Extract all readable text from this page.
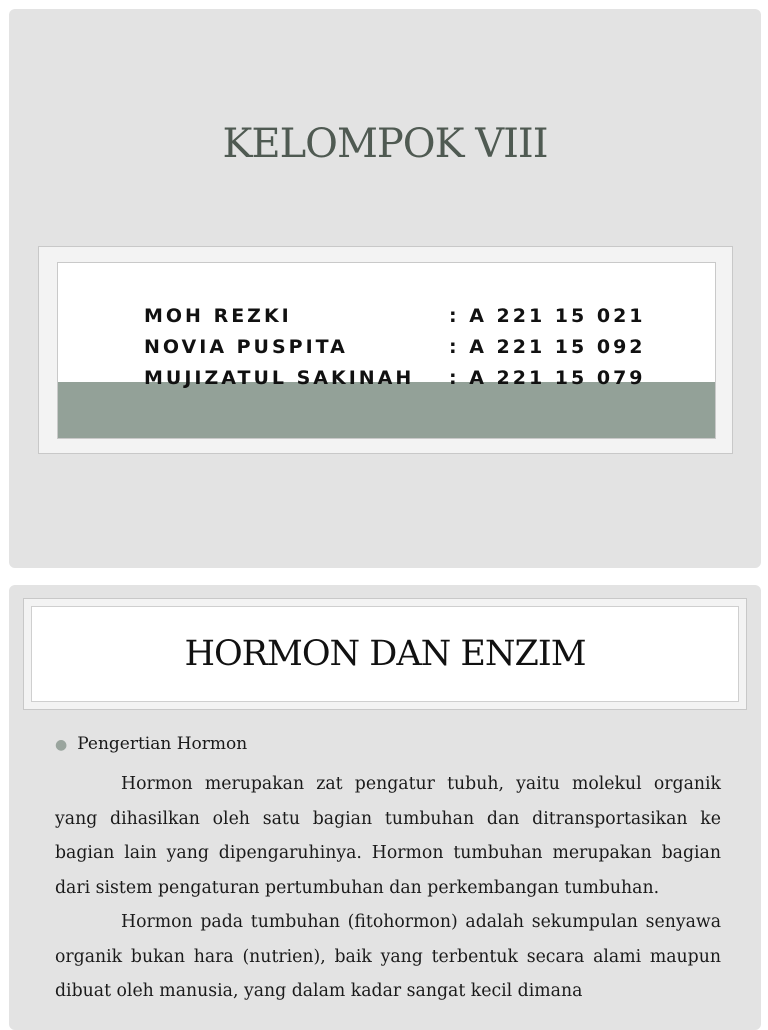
KELOMPOK VIII
MOH REZKI	: A 221 15 021
NOVIA PUSPITA	: A 221 15 092
MUJIZATUL SAKINAH : A 221 15 079
HORMON DAN ENZIM
● Pengertian Hormon

Hormon merupakan zat pengatur tubuh, yaitu molekul organik yang dihasilkan oleh satu bagian tumbuhan dan ditransportasikan ke bagian lain yang dipengaruhinya. Hormon tumbuhan merupakan bagian dari sistem pengaturan pertumbuhan dan perkembangan tumbuhan.

Hormon pada tumbuhan (fitohormon) adalah sekumpulan senyawa organik bukan hara (nutrien), baik yang terbentuk secara alami maupun dibuat oleh manusia, yang dalam kadar sangat kecil dimana
